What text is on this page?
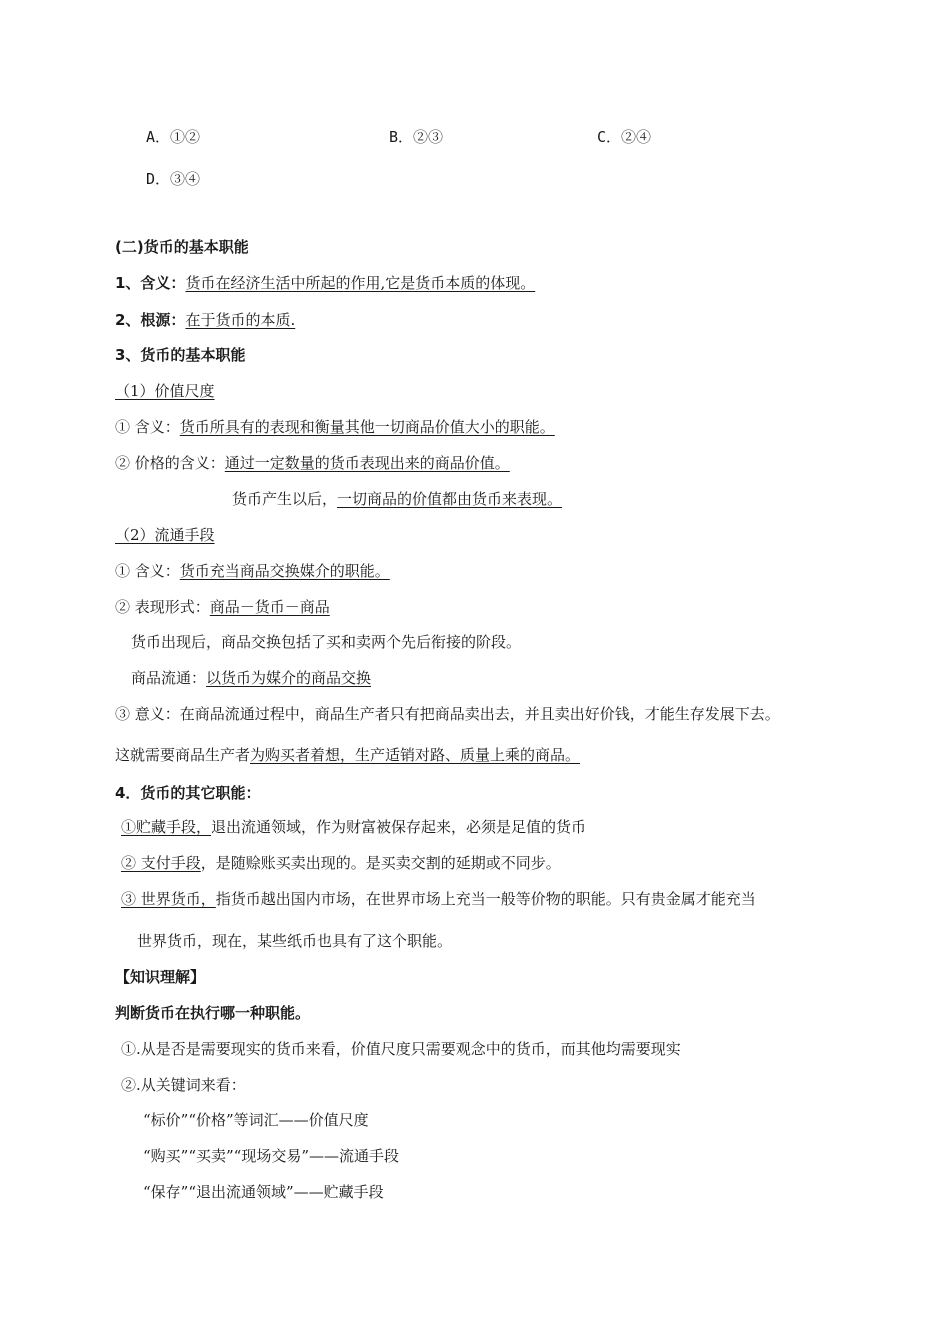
A．①②	B．②③	C．②④
D．③④
(二)货币的基本职能
1、含义：货币在经济生活中所起的作用,它是货币本质的体现。
2、根源：在于货币的本质.
3、货币的基本职能
（1）价值尺度
① 含义：货币所具有的表现和衡量其他一切商品价值大小的职能。
② 价格的含义：通过一定数量的货币表现出来的商品价值。
货币产生以后，一切商品的价值都由货币来表现。
（2）流通手段
① 含义：货币充当商品交换媒介的职能。
② 表现形式：商品－货币－商品
货币出现后，商品交换包括了买和卖两个先后衔接的阶段。
商品流通：以货币为媒介的商品交换
③ 意义：在商品流通过程中，商品生产者只有把商品卖出去，并且卖出好价钱，才能生存发展下去。
这就需要商品生产者为购买者着想，生产适销对路、质量上乘的商品。
4．货币的其它职能：
①贮藏手段，退出流通领域，作为财富被保存起来，必须是足值的货币
② 支付手段，是随赊账买卖出现的。是买卖交割的延期或不同步。
③ 世界货币，指货币越出国内市场，在世界市场上充当一般等价物的职能。只有贵金属才能充当
世界货币，现在，某些纸币也具有了这个职能。
【知识理解】
判断货币在执行哪一种职能。
①.从是否是需要现实的货币来看，价值尺度只需要观念中的货币，而其他均需要现实
②.从关键词来看：
“标价”“价格”等词汇——价值尺度
“购买”“买卖”“现场交易”——流通手段
“保存”“退出流通领域”——贮藏手段
